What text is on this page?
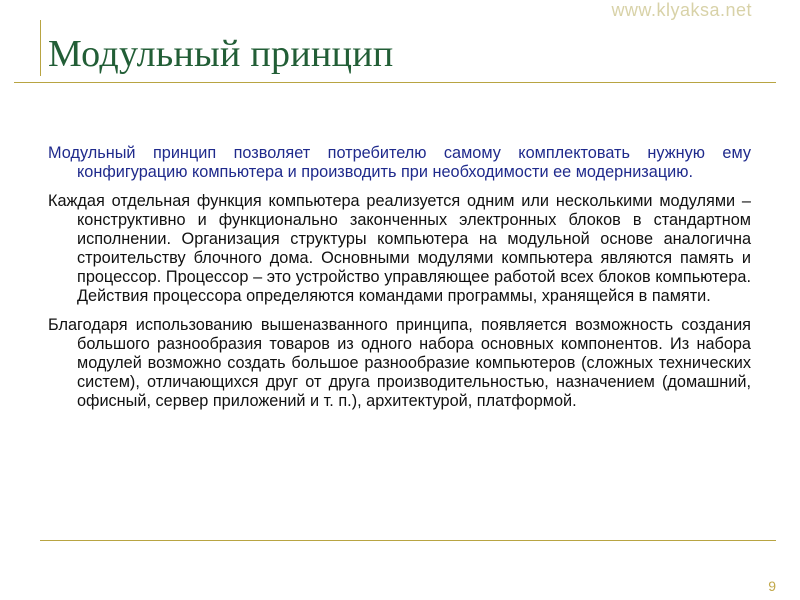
www.klyaksa.net
Модульный принцип

Модульный принцип позволяет потребителю самому комплектовать нужную ему конфигурацию компьютера и производить при необходимости ее модернизацию.

Каждая отдельная функция компьютера реализуется одним или несколькими модулями – конструктивно и функционально законченных электронных блоков в стандартном исполнении. Организация структуры компьютера на модульной основе аналогична строительству блочного дома. Основными модулями компьютера являются память и процессор. Процессор – это устройство управляющее работой всех блоков компьютера. Действия процессора определяются командами программы, хранящейся в памяти.

Благодаря использованию вышеназванного принципа, появляется возможность создания большого разнообразия товаров из одного набора основных компонентов. Из набора модулей возможно создать большое разнообразие компьютеров (сложных технических систем), отличающихся друг от друга производительностью, назначением (домашний, офисный, сервер приложений и т. п.), архитектурой, платформой.

9
